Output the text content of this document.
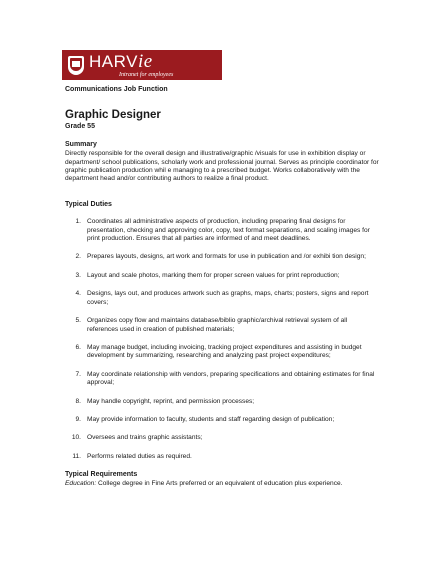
HARVie
Intranet for employees
Communications Job Function
Graphic Designer
Grade 55
Summary
Directly responsible for the overall design and illustrative/graphic /visuals for use in exhibition display or department/ school publications, scholarly work and professional journal. Serves as principle coordinator for graphic publication production whil e managing to a prescribed budget. Works collaboratively with the department head and/or contributing authors to realize a final product.
Typical Duties
1. Coordinates all administrative aspects of production, including preparing final designs for presentation, checking and approving color, copy, text format separations, and scaling images for print production. Ensures that all parties are informed of and meet deadlines.
2. Prepares layouts, designs, art work and formats for use in publication and /or exhibi tion design;
3. Layout and scale photos, marking them for proper screen values for print reproduction;
4. Designs, lays out, and produces artwork such as graphs, maps, charts; posters, signs and report covers;
5. Organizes copy flow and maintains database/biblio graphic/archival retrieval system of all references used in creation of published materials;
6. May manage budget, including invoicing, tracking project expenditures and assisting in budget development by summarizing, researching and analyzing past project expenditures;
7. May coordinate relationship with vendors, preparing specifications and obtaining estimates for final approval;
8. May handle copyright, reprint, and permission processes;
9. May provide information to faculty, students and staff regarding design of publication;
10. Oversees and trains graphic assistants;
11. Performs related duties as required.
Typical Requirements
Education: College degree in Fine Arts preferred or an equivalent of education plus experience.
